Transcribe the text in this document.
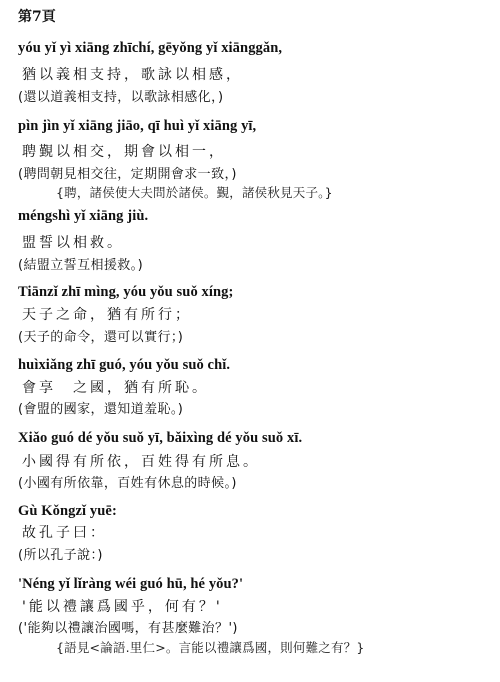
第7頁
yóu yǐ yì xiāng zhīchí, gēyǒng yǐ xiānggǎn,
猶以義相支持，歌詠以相感，
(還以道義相支持，以歌詠相感化，)
pìn jìn yǐ xiāng jiāo, qī huì yǐ xiāng yī,
聘覲以相交，期會以相一，
(聘問朝見相交往，定期開會求一致，)
{聘，諸侯使大夫問於諸侯。覲，諸侯秋見天子。}
méngshì yǐ xiāng jiù.
盟誓以相救。
(結盟立誓互相援救。)
Tiānzǐ zhī mìng, yóu yǒu suǒ xíng;
天子之命，猶有所行；
(天子的命令，還可以實行；)
huìxiǎng zhī guó, yóu yǒu suǒ chǐ.
會享　之國，猶有所恥。
(會盟的國家，還知道羞恥。)
Xiǎo guó dé yǒu suǒ yī, bǎixìng dé yǒu suǒ xī.
小國得有所依，百姓得有所息。
(小國有所依靠，百姓有休息的時候。)
Gù Kǒngzǐ yuē:
故孔子曰：
(所以孔子說：)
'Néng yǐ lǐràng wéi guó hū, hé yǒu?'
'能以禮讓爲國乎，何有？'
('能夠以禮讓治國嗎，有甚麼難治？')
{語見<論語.里仁>。言能以禮讓爲國，則何難之有？}
